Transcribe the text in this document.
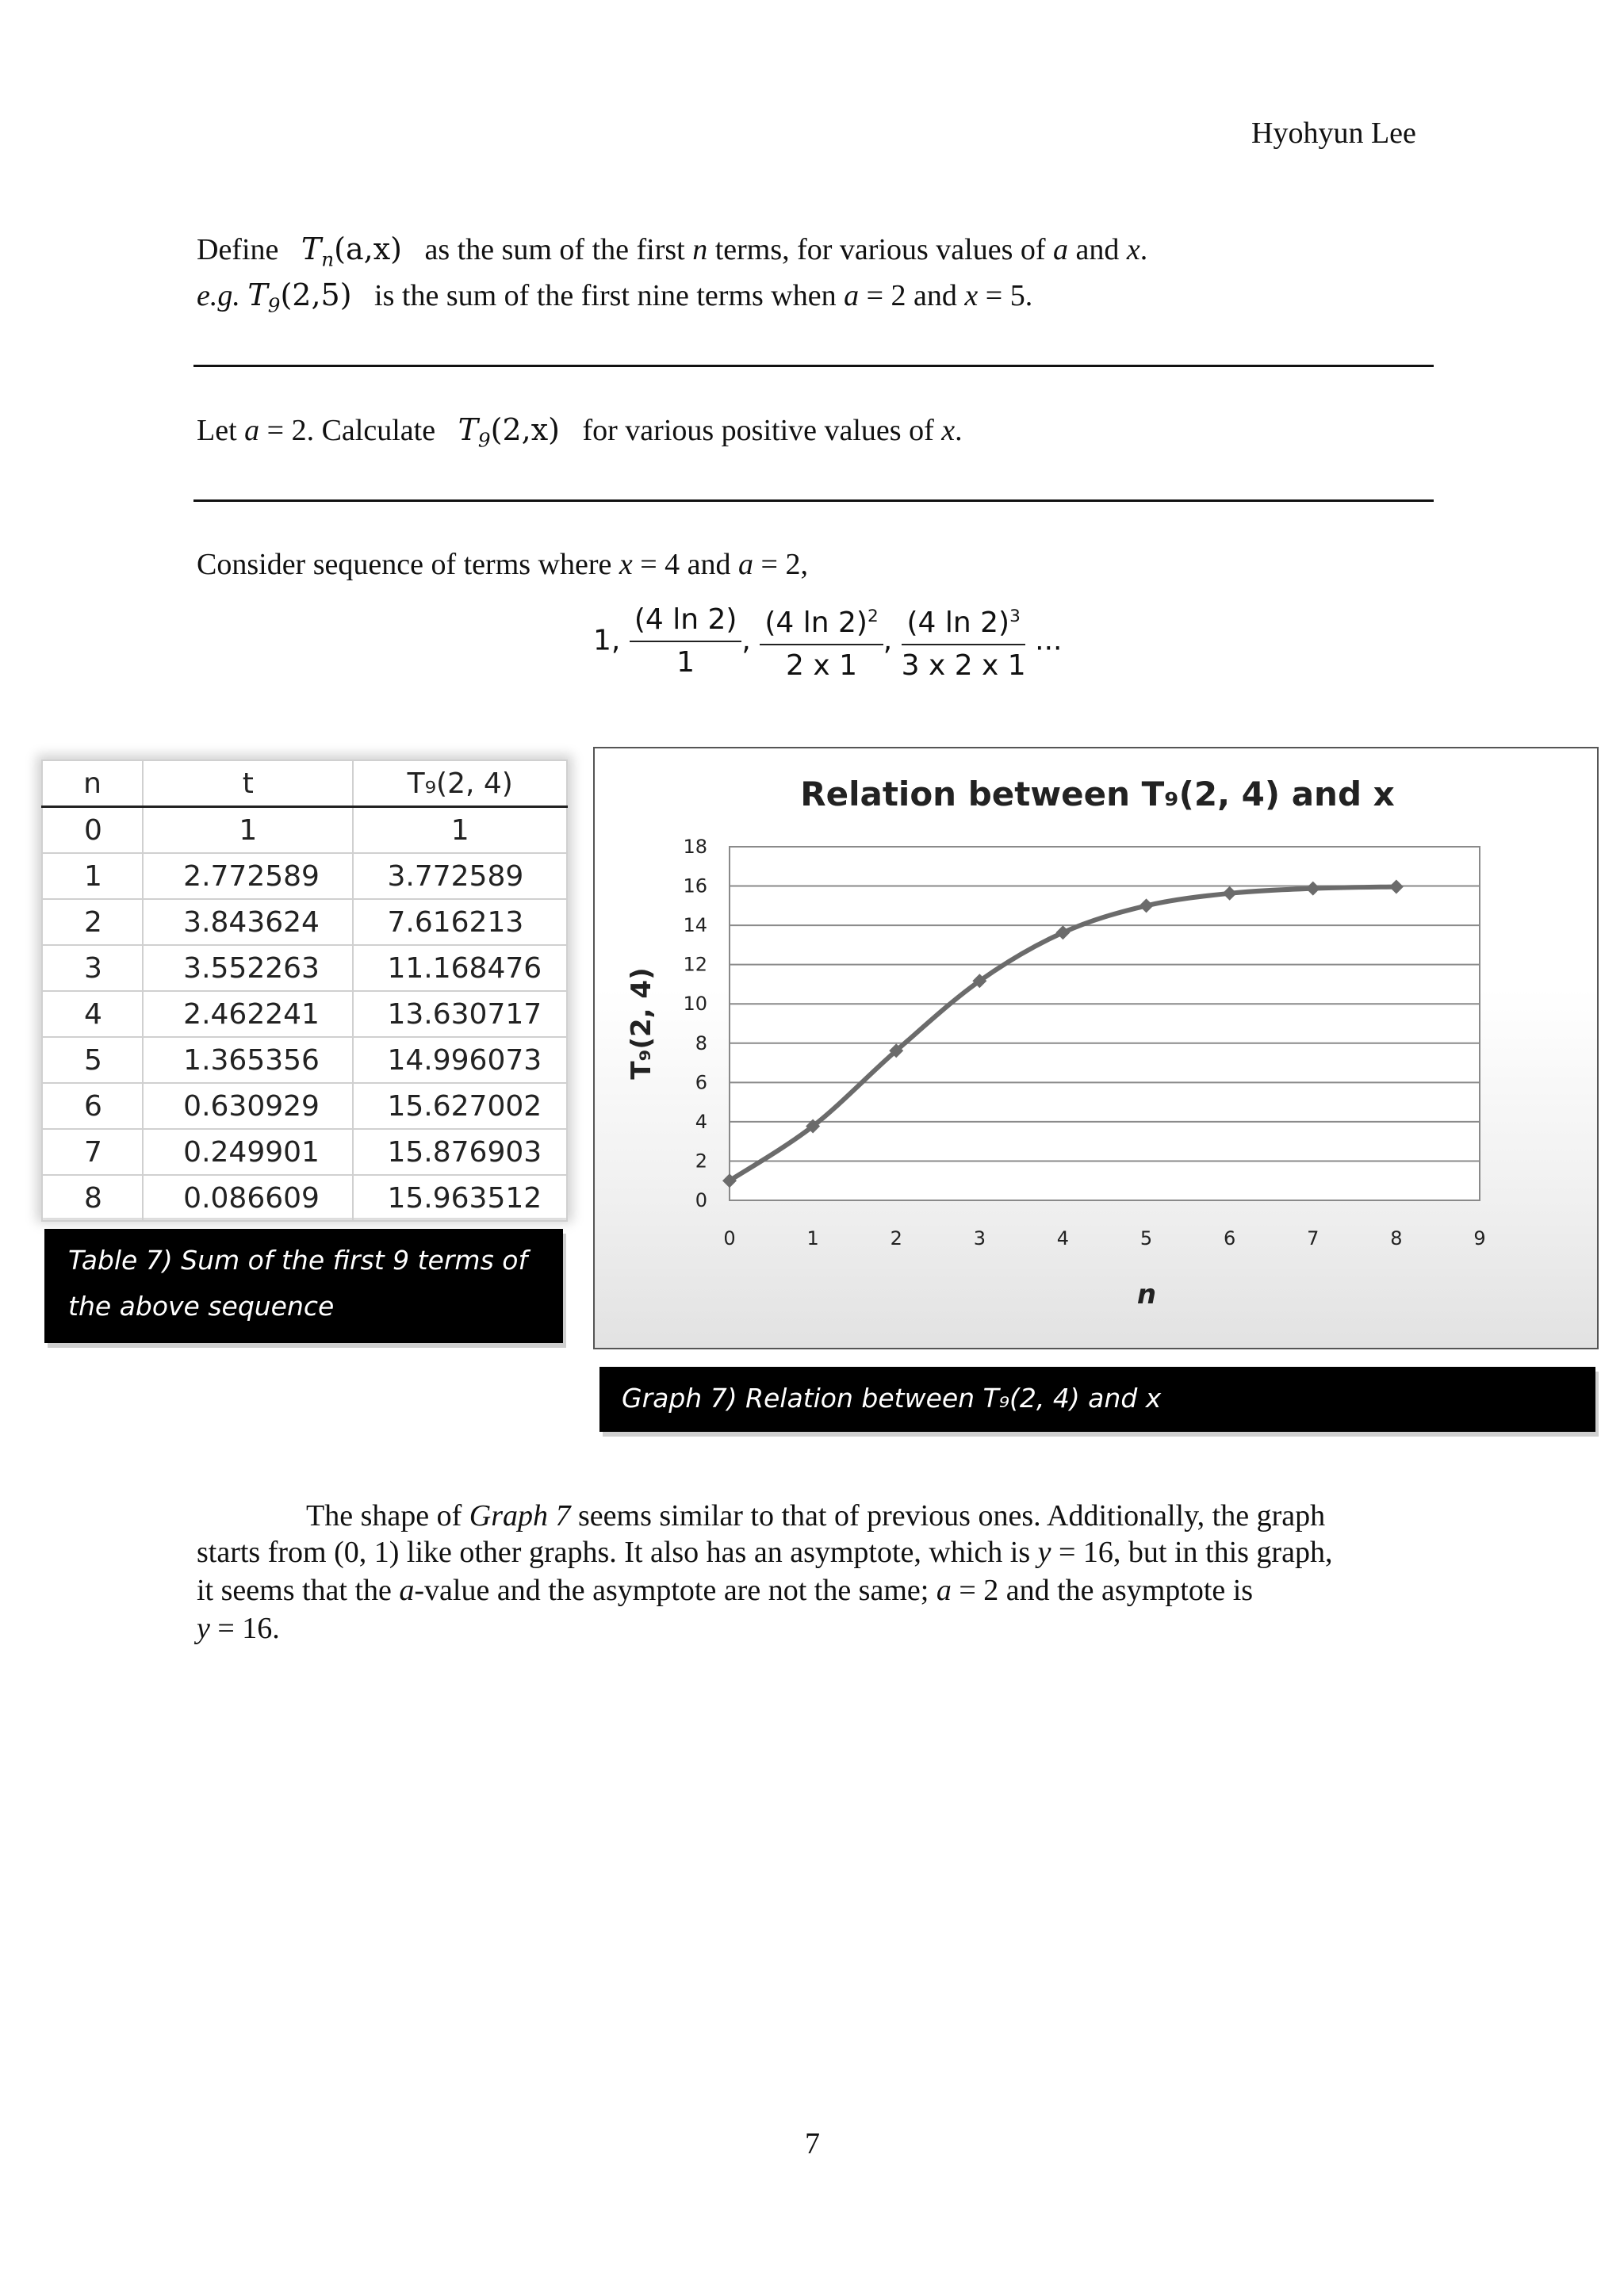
Hyohyun Lee
Define $T_n(a,x)$ as the sum of the first n terms, for various values of a and x.
e.g. $T_9(2,5)$ is the sum of the first nine terms when a = 2 and x = 5.
Let a = 2. Calculate $T_9(2,x)$ for various positive values of x.
Consider sequence of terms where x = 4 and a = 2,
1, $\frac{(4 \ln 2)}{1}$ , $\frac{(4 \ln 2)^2}{2 x 1}$ , $\frac{(4 \ln 2)^3}{3 x 2 x 1}$ ...
n	t	T₉(2, 4)
0	1	1
1	2.772589	3.772589
2	3.843624	7.616213
3	3.552263	11.168476
4	2.462241	13.630717
5	1.365356	14.996073
6	0.630929	15.627002
7	0.249901	15.876903
8	0.086609	15.963512
Table 7) Sum of the first 9 terms of
the above sequence
0
2
4
6
8
10
12
14
16
18
0	1	2	3	4	5	6	7	8	9
Relation between T₉(2, 4) and x
n
T₉(2, 4)
Graph 7) Relation between T₉(2, 4) and x
The shape of Graph 7 seems similar to that of previous ones. Additionally, the graph
starts from (0, 1) like other graphs. It also has an asymptote, which is y = 16, but in this graph,
it seems that the a-value and the asymptote are not the same; a = 2 and the asymptote is
y = 16.
7
